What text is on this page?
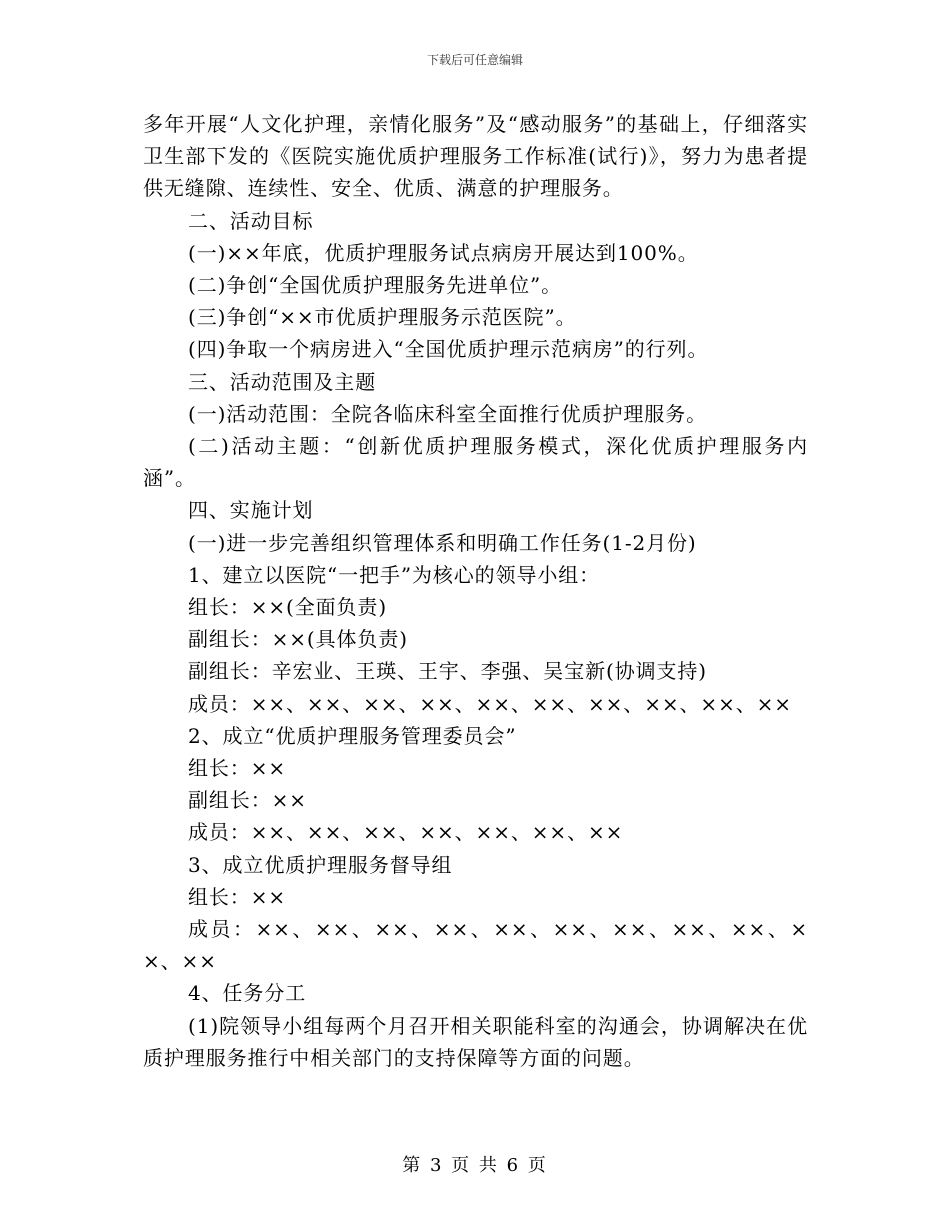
下载后可任意编辑

多年开展“人文化护理，亲情化服务”及“感动服务”的基础上，仔细落实卫生部下发的《医院实施优质护理服务工作标准(试行)》，努力为患者提供无缝隙、连续性、安全、优质、满意的护理服务。

二、活动目标

(一)××年底，优质护理服务试点病房开展达到100%。

(二)争创“全国优质护理服务先进单位”。

(三)争创“××市优质护理服务示范医院”。

(四)争取一个病房进入“全国优质护理示范病房”的行列。

三、活动范围及主题

(一)活动范围：全院各临床科室全面推行优质护理服务。

(二)活动主题：“创新优质护理服务模式，深化优质护理服务内涵”。

四、实施计划

(一)进一步完善组织管理体系和明确工作任务(1-2月份)

1、建立以医院“一把手”为核心的领导小组：

组长：××(全面负责)

副组长：××(具体负责)

副组长：辛宏业、王瑛、王宇、李强、吴宝新(协调支持)

成员：××、××、××、××、××、××、××、××、××、××

2、成立“优质护理服务管理委员会”

组长：××

副组长：××

成员：××、××、××、××、××、××、××

3、成立优质护理服务督导组

组长：××

成员：××、××、××、××、××、××、××、××、××、××、××

4、任务分工

(1)院领导小组每两个月召开相关职能科室的沟通会，协调解决在优质护理服务推行中相关部门的支持保障等方面的问题。

第 3 页 共 6 页
